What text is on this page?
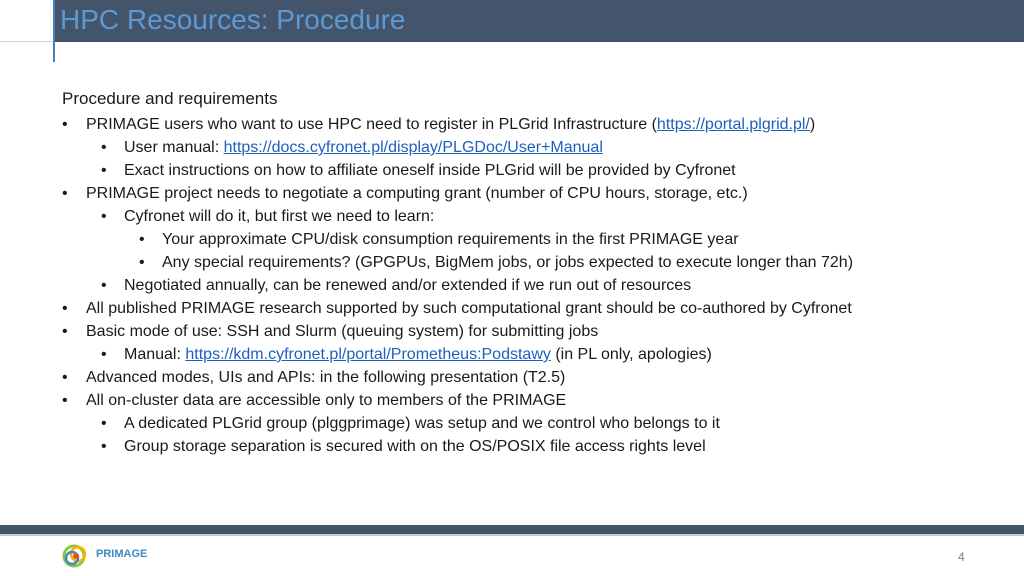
HPC Resources: Procedure
Procedure and requirements
• PRIMAGE users who want to use HPC need to register in PLGrid Infrastructure (https://portal.plgrid.pl/)
• User manual: https://docs.cyfronet.pl/display/PLGDoc/User+Manual
• Exact instructions on how to affiliate oneself inside PLGrid will be provided by Cyfronet
• PRIMAGE project needs to negotiate a computing grant (number of CPU hours, storage, etc.)
• Cyfronet will do it, but first we need to learn:
• Your approximate CPU/disk consumption requirements in the first PRIMAGE year
• Any special requirements? (GPGPUs, BigMem jobs, or jobs expected to execute longer than 72h)
• Negotiated annually, can be renewed and/or extended if we run out of resources
• All published PRIMAGE research supported by such computational grant should be co-authored by Cyfronet
• Basic mode of use: SSH and Slurm (queuing system) for submitting jobs
• Manual: https://kdm.cyfronet.pl/portal/Prometheus:Podstawy (in PL only, apologies)
• Advanced modes, UIs and APIs: in the following presentation (T2.5)
• All on-cluster data are accessible only to members of the PRIMAGE
• A dedicated PLGrid group (plggprimage) was setup and we control who belongs to it
• Group storage separation is secured with on the OS/POSIX file access rights level
PRIMAGE	4
